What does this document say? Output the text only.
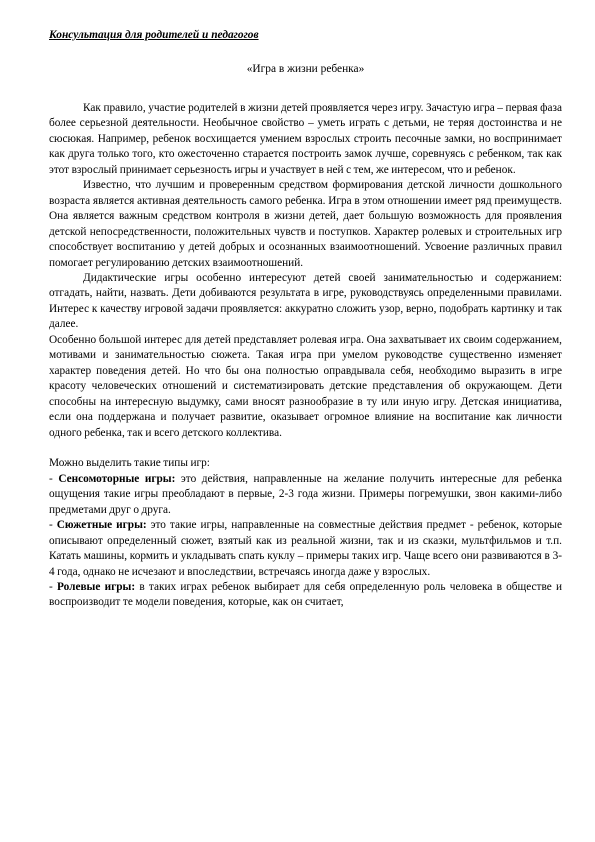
Консультация для родителей и педагогов
«Игра в жизни ребенка»

Как правило, участие родителей в жизни детей проявляется через игру. Зачастую игра – первая фаза более серьезной деятельности. Необычное свойство – уметь играть с детьми, не теряя достоинства и не сюсюкая. Например, ребенок восхищается умением взрослых строить песочные замки, но воспринимает как друга только того, кто ожесточенно старается построить замок лучше, соревнуясь с ребенком, так как этот взрослый принимает серьезность игры и участвует в ней с тем, же интересом, что и ребенок.

Известно, что лучшим и проверенным средством формирования детской личности дошкольного возраста является активная деятельность самого ребенка. Игра в этом отношении имеет ряд преимуществ. Она является важным средством контроля в жизни детей, дает большую возможность для проявления детской непосредственности, положительных чувств и поступков. Характер ролевых и строительных игр способствует воспитанию у детей добрых и осознанных взаимоотношений. Усвоение различных правил помогает регулированию детских взаимоотношений.

Дидактические игры особенно интересуют детей своей занимательностью и содержанием: отгадать, найти, назвать. Дети добиваются результата в игре, руководствуясь определенными правилами. Интерес к качеству игровой задачи проявляется: аккуратно сложить узор, верно, подобрать картинку и так далее.

Особенно большой интерес для детей представляет ролевая игра. Она захватывает их своим содержанием, мотивами и занимательностью сюжета. Такая игра при умелом руководстве существенно изменяет характер поведения детей. Но что бы она полностью оправдывала себя, необходимо выразить в игре красоту человеческих отношений и систематизировать детские представления об окружающем. Дети способны на интересную выдумку, сами вносят разнообразие в ту или иную игру. Детская инициатива, если она поддержана и получает развитие, оказывает огромное влияние на воспитание как личности одного ребенка, так и всего детского коллектива.

Можно выделить такие типы игр:

- Сенсомоторные игры: это действия, направленные на желание получить интересные для ребенка ощущения такие игры преобладают в первые, 2-3 года жизни. Примеры погремушки, звон какими-либо предметами друг о друга.
- Сюжетные игры: это такие игры, направленные на совместные действия предмет - ребенок, которые описывают определенный сюжет, взятый как из реальной жизни, так и из сказки, мультфильмов и т.п. Катать машины, кормить и укладывать спать куклу – примеры таких игр. Чаще всего они развиваются в 3-4 года, однако не исчезают и впоследствии, встречаясь иногда даже у взрослых.
- Ролевые игры: в таких играх ребенок выбирает для себя определенную роль человека в обществе и воспроизводит те модели поведения, которые, как он считает,
